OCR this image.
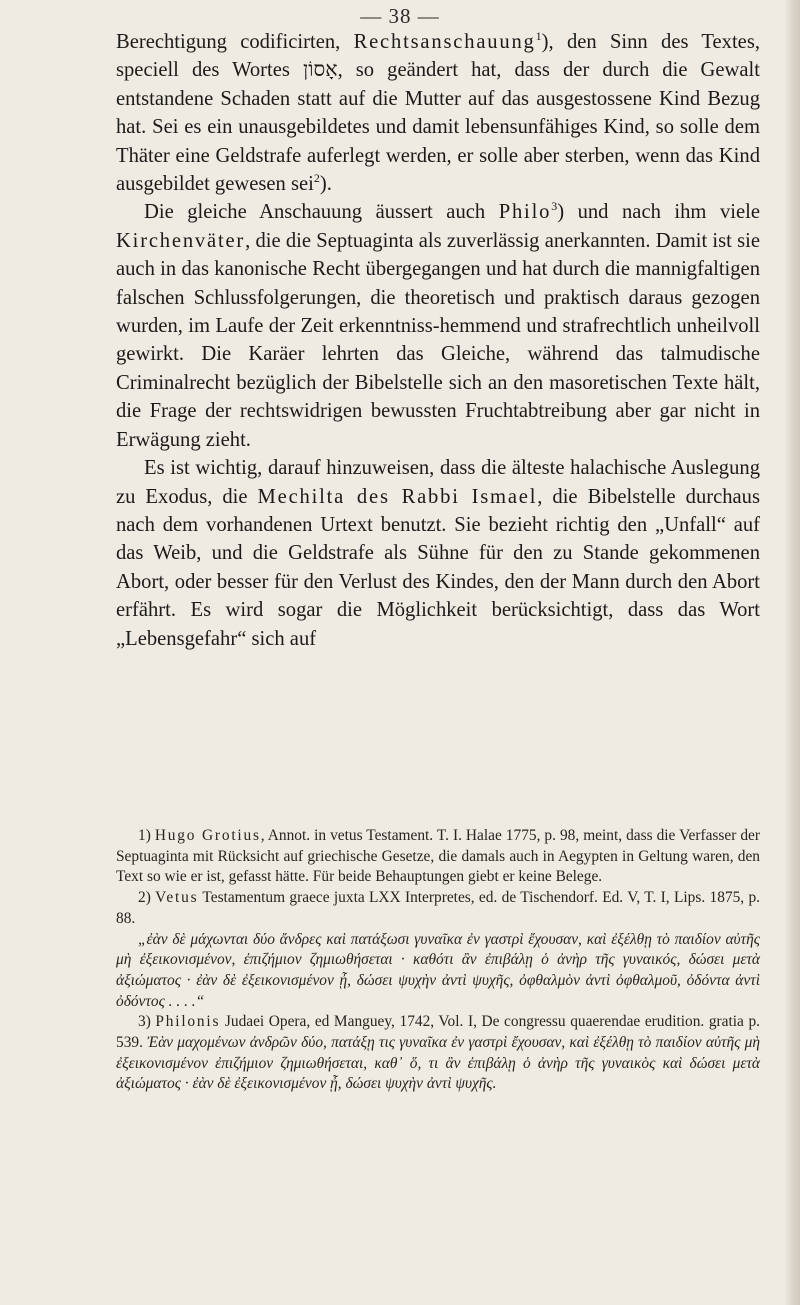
— 38 —

Berechtigung codificirten, Rechtsanschauung$^1$), den Sinn des Textes, speciell des Wortes אָסוֹן, so geändert hat, dass der durch die Gewalt entstandene Schaden statt auf die Mutter auf das ausgestossene Kind Bezug hat. Sei es ein unausgebildetes und damit lebensunfähiges Kind, so solle dem Thäter eine Geldstrafe auferlegt werden, er solle aber sterben, wenn das Kind ausgebildet gewesen sei$^2$).

Die gleiche Anschauung äussert auch Philo$^3$) und nach ihm viele Kirchenväter, die die Septuaginta als zuverlässig anerkannten. Damit ist sie auch in das kanonische Recht übergegangen und hat durch die mannigfaltigen falschen Schlussfolgerungen, die theoretisch und praktisch daraus gezogen wurden, im Laufe der Zeit erkenntniss-hemmend und strafrechtlich unheilvoll gewirkt. Die Karäer lehrten das Gleiche, während das talmudische Criminalrecht bezüglich der Bibelstelle sich an den masoretischen Texte hält, die Frage der rechtswidrigen bewussten Fruchtabtreibung aber gar nicht in Erwägung zieht.

Es ist wichtig, darauf hinzuweisen, dass die älteste halachische Auslegung zu Exodus, die Mechilta des Rabbi Ismael, die Bibelstelle durchaus nach dem vorhandenen Urtext benutzt. Sie bezieht richtig den „Unfall“ auf das Weib, und die Geldstrafe als Sühne für den zu Stande gekommenen Abort, oder besser für den Verlust des Kindes, den der Mann durch den Abort erfährt. Es wird sogar die Möglichkeit berücksichtigt, dass das Wort „Lebensgefahr“ sich auf

1) Hugo Grotius, Annot. in vetus Testament. T. I. Halae 1775, p. 98, meint, dass die Verfasser der Septuaginta mit Rücksicht auf griechische Gesetze, die damals auch in Aegypten in Geltung waren, den Text so wie er ist, gefasst hätte. Für beide Behauptungen giebt er keine Belege.

2) Vetus Testamentum graece juxta LXX Interpretes, ed. de Tischendorf. Ed. V, T. I, Lips. 1875, p. 88.

„ἐὰν δὲ μάχωνται δύο ἄνδρες καὶ πατάξωσι γυναῖκα ἐν γαστρὶ ἔχουσαν, καὶ ἐξέλθῃ τὸ παιδίον αὐτῆς μὴ ἐξεικονισμένον, ἐπιζήμιον ζημιωθήσεται · καθότι ἂν ἐπιβάλῃ ὁ ἀνὴρ τῆς γυναικός, δώσει μετὰ ἀξιώματος · ἐὰν δὲ ἐξεικονισμένον ᾖ, δώσει ψυχὴν ἀντὶ ψυχῆς, ὀφθαλμὸν ἀντὶ ὀφθαλμοῦ, ὀδόντα ἀντὶ ὀδόντος . . . .“

3) Philonis Judaei Opera, ed Manguey, 1742, Vol. I, De congressu quaerendae erudition. gratia p. 539. Ἐὰν μαχομένων ἀνδρῶν δύο, πατάξῃ τις γυναῖκα ἐν γαστρὶ ἔχουσαν, καὶ ἐξέλθῃ τὸ παιδίον αὐτῆς μὴ ἐξεικονισμένον ἐπιζήμιον ζημιωθήσεται, καθ᾽ ὅ, τι ἂν ἐπιβάλῃ ὁ ἀνὴρ τῆς γυναικὸς καὶ δώσει μετὰ ἀξιώματος · ἐὰν δὲ ἐξεικονισμένον ᾖ, δώσει ψυχὴν ἀντὶ ψυχῆς.
